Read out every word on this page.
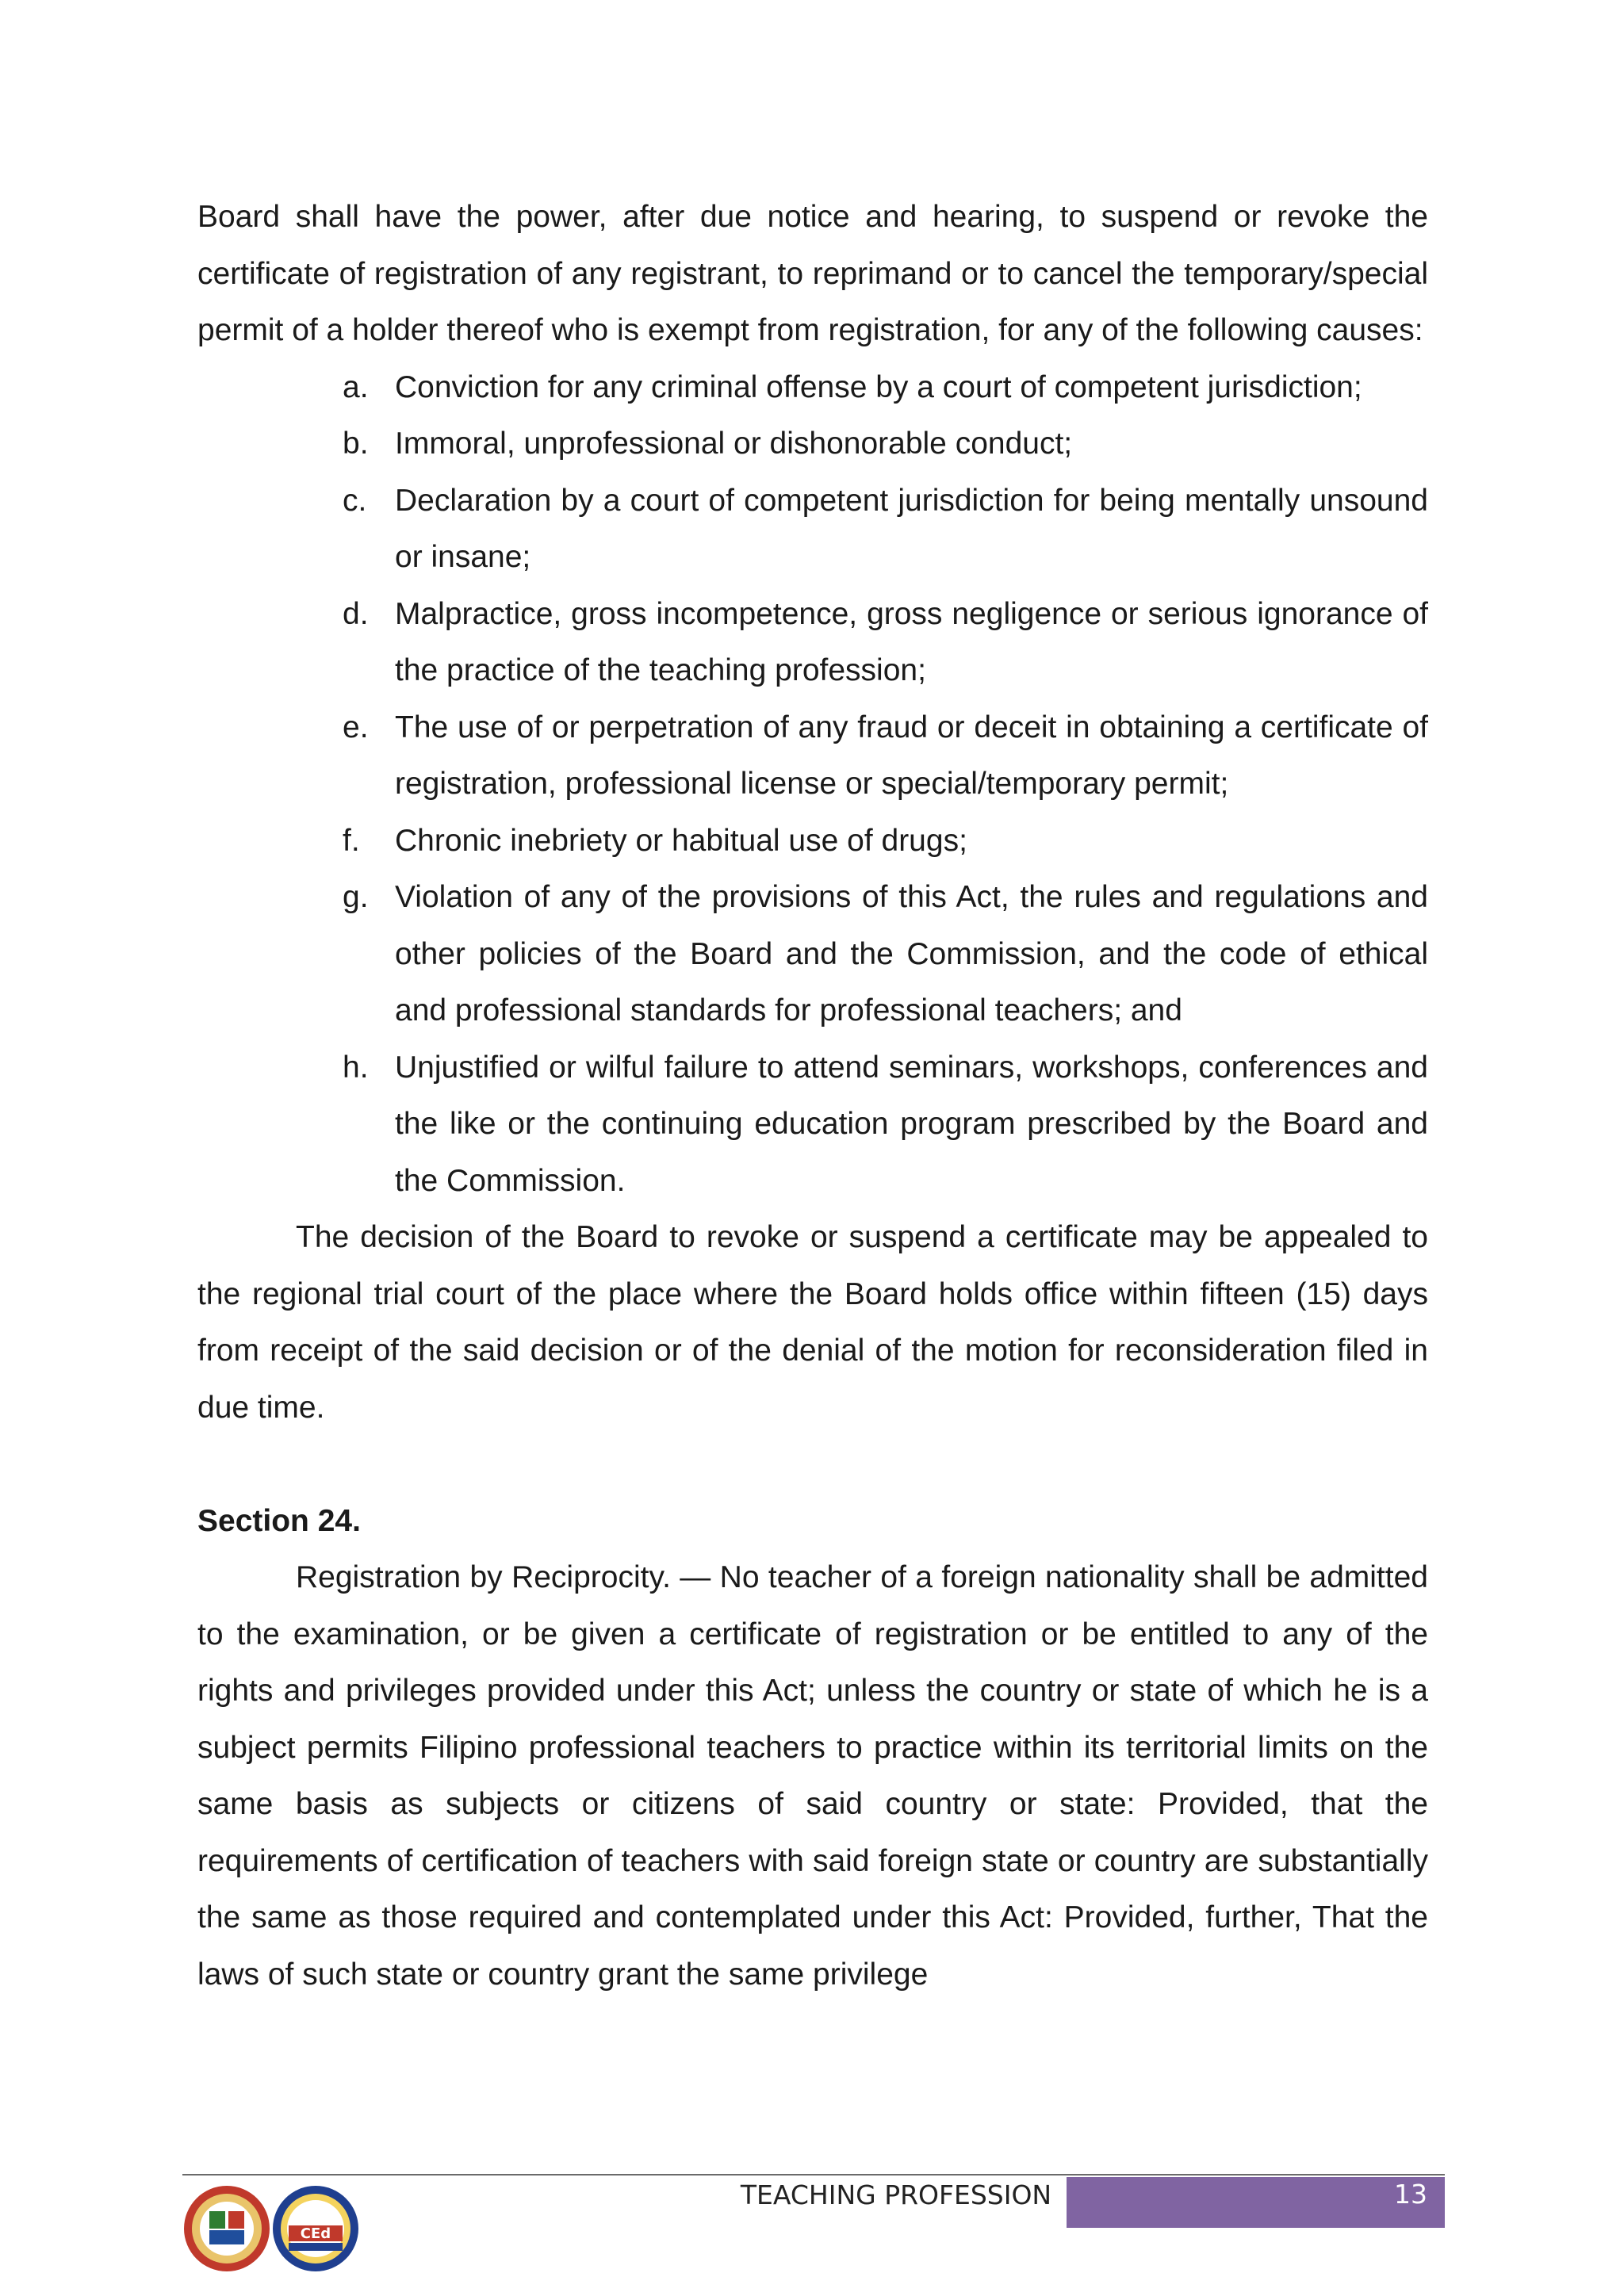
Board shall have the power, after due notice and hearing, to suspend or revoke the certificate of registration of any registrant, to reprimand or to cancel the temporary/special permit of a holder thereof who is exempt from registration, for any of the following causes:

a. Conviction for any criminal offense by a court of competent jurisdiction;
b. Immoral, unprofessional or dishonorable conduct;
c. Declaration by a court of competent jurisdiction for being mentally unsound or insane;
d. Malpractice, gross incompetence, gross negligence or serious ignorance of the practice of the teaching profession;
e. The use of or perpetration of any fraud or deceit in obtaining a certificate of registration, professional license or special/temporary permit;
f.	Chronic inebriety or habitual use of drugs;
g. Violation of any of the provisions of this Act, the rules and regulations and other policies of the Board and the Commission, and the code of ethical and professional standards for professional teachers; and
h. Unjustified or wilful failure to attend seminars, workshops, conferences and the like or the continuing education program prescribed by the Board and the Commission.

The decision of the Board to revoke or suspend a certificate may be appealed to the regional trial court of the place where the Board holds office within fifteen (15) days from receipt of the said decision or of the denial of the motion for reconsideration filed in due time.

Section 24.

Registration by Reciprocity. — No teacher of a foreign nationality shall be admitted to the examination, or be given a certificate of registration or be entitled to any of the rights and privileges provided under this Act; unless the country or state of which he is a subject permits Filipino professional teachers to practice within its territorial limits on the same basis as subjects or citizens of said country or state: Provided, that the requirements of certification of teachers with said foreign state or country are substantially the same as those required and contemplated under this Act: Provided, further, That the laws of such state or country grant the same privilege

CEd
TEACHING PROFESSION	13
